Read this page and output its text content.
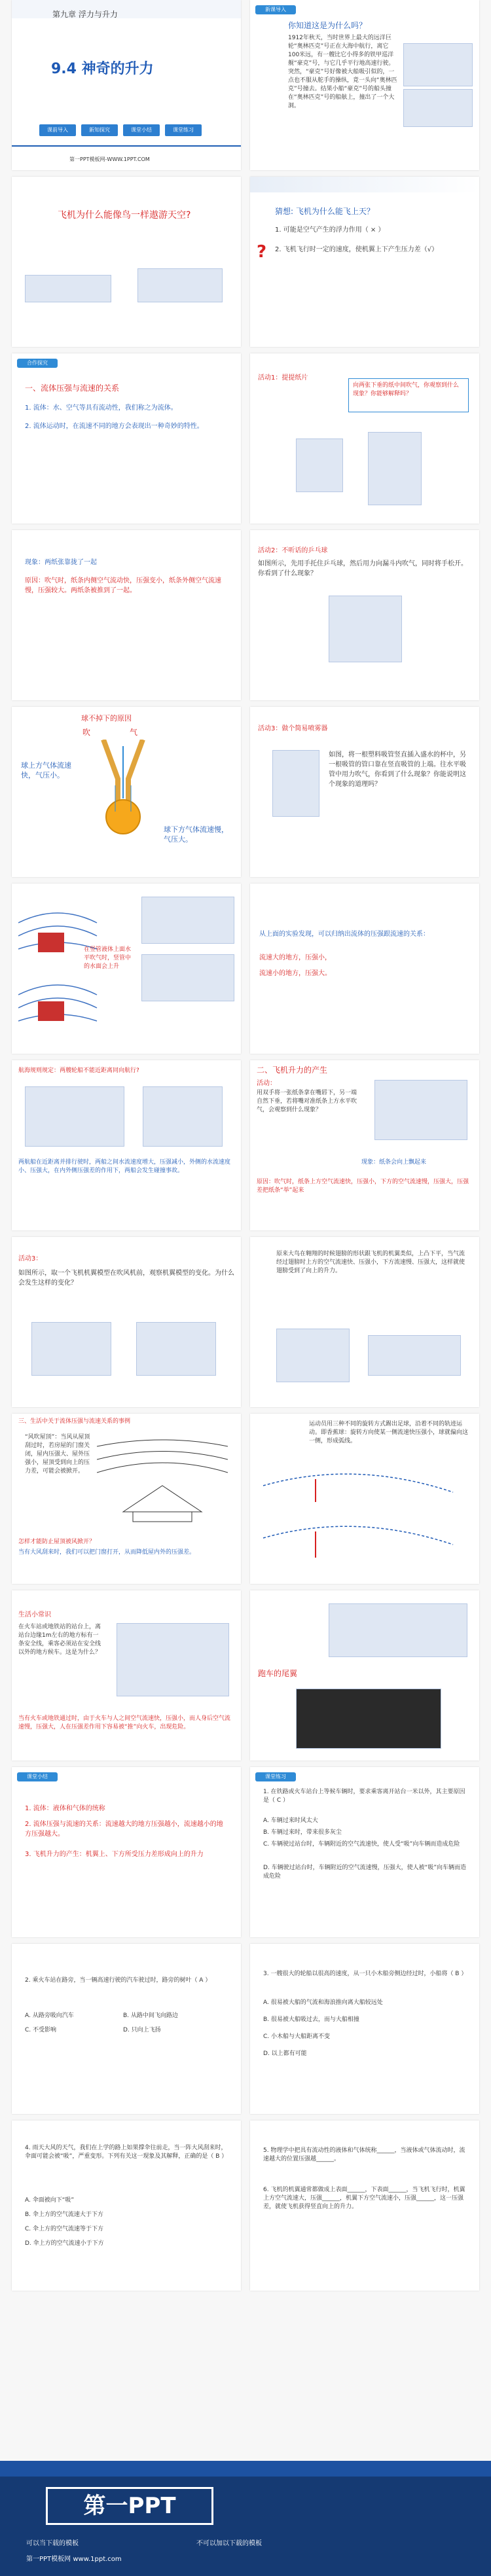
第九章 浮力与升力
9.4 神奇的升力
课前导入	新知探究	课堂小结	课堂练习
第一PPT模板网-WWW.1PPT.COM
新课导入
你知道这是为什么吗？
1912年秋天，当时世界上最大的远洋巨轮“奥林匹克”号正在大海中航行，离它100米远，有一艘比它小得多的铁甲巡洋舰“豪克”号，与它几乎平行地高速行驶。突然，“豪克”号好像被大船吸引似的，一点也不服从舵手的操纵，竟一头向“奥林匹克”号撞去。结果小船“豪克”号的船头撞在“奥林匹克”号的船舷上，撞出了一个大洞。
飞机为什么能像鸟一样遨游天空?	猜想: 飞机为什么能飞上天？
1. 可能是空气产生的浮力作用（ × ）
2. 飞机飞行时一定的速度，使机翼上下产生压力差（√）
?
合作探究
一、流体压强与流速的关系
1. 流体：水、空气等具有流动性，我们称之为流体。
2. 流体运动时，在流速不同的地方会表现出一种奇妙的特性。
活动1：提提纸片
向两张下垂的纸中间吹气，你观察到什么现象？你能够解释吗？
现象：两纸张靠拢了一起
原因：吹气时，纸条内侧空气流动快，压强变小，纸条外侧空气流速慢，压强较大。两纸条被推到了一起。
活动2：不听话的乒乓球
如图所示，先用手托住乒乓球，然后用力向漏斗内吹气，同时将手松开。你看到了什么现象？
球不掉下的原因
吹	气
球上方气体流速快，气压小。
球下方气体流速慢，气压大。
活动3：做个简易喷雾器
如图，将一根塑料吸管竖直插入盛水的杯中，另一根吸管的管口靠在竖直吸管的上端。往水平吸管中用力吹气，你看到了什么现象？你能说明这个现象的道理吗？
在竖管液体上面水平吹气时，竖管中的水面会上升
从上面的实验发现，可以归纳出流体的压强跟流速的关系：
流速大的地方，压强小，
流速小的地方，压强大。
航海规则规定：两艘轮船不能近距离同向航行?
两航船在近距离并排行驶时，两船之间水流速度增大，压强减小，外侧的水流速度小、压强大，在内外侧压强差的作用下，两船会发生碰撞事故。
二、飞机升力的产生
活动：
用双手将一张纸条拿在嘴唇下，另一端自然下垂，若将嘴对准纸条上方水平吹气，会观察到什么现象？
现象：纸条会向上飘起来
原因：吹气时，纸条上方空气流速快，压强小，下方的空气流速慢，压强大，压强差把纸条“举”起来
活动3：
如图所示，取一个飞机机翼模型在吹风机前，观察机翼模型的变化。为什么会发生这样的变化？
原来大鸟在翱翔的时候翅膀的形状跟飞机的机翼类似，上凸下平，当气流经过翅膀时上方的空气流速快、压强小，下方流速慢、压强大，这样就使翅膀受到了向上的升力。
三、生活中关于流体压强与流速关系的事例
“风吹屋顶”：当风从屋顶刮过时，若房屋的门窗关闭，屋内压强大、屋外压强小，屋顶受到向上的压力差，可能会被掀开。
怎样才能防止屋顶被风掀开？
当有大风刮来时，我们可以把门窗打开，从而降低屋内外的压强差。
运动员用三种不同的旋转方式踢出足球，沿着不同的轨迹运动。即香蕉球：旋转方向使某一侧流速快压强小，球就偏向这一侧，形成弧线。
生活小常识
在火车站或地铁站的站台上，离站台边缘1m左右的地方标有一条安全线，乘客必须站在安全线以外的地方候车。这是为什么？
当有火车或地铁通过时，由于火车与人之间空气流速快，压强小，而人身后空气流速慢，压强大，人在压强差作用下容易被“推”向火车，出现危险。
跑车的尾翼
课堂小结
1. 流体：液体和气体的统称
2. 流体压强与流速的关系：流速越大的地方压强越小，流速越小的地方压强越大。
3. 飞机升力的产生：机翼上、下方所受压力差形成向上的升力
课堂练习
1. 在铁路或火车站台上等候车辆时，要求乘客离开站台一米以外，其主要原因是（ C ）
A. 车辆过来时风太大
B. 车辆过来时，带来很多灰尘
C. 车辆驶过站台时，车辆附近的空气流速快，使人受“吸”向车辆而造成危险
D. 车辆驶过站台时，车辆附近的空气流速慢，压强大，使人被“吸”向车辆而造成危险
2. 乘火车站在路旁，当一辆高速行驶的汽车驶过时，路旁的树叶（ A ）
A. 从路旁吸向汽车	B. 从路中间飞向路边
C. 不受影响	D. 只向上飞扬
3. 一艘很大的轮船以很高的速度，从一只小木船旁侧边经过时，小船将（ B ）
A. 很易被大船的气流和海浪推向离大船较远处
B. 很易被大船吸过去，而与大船相撞
C. 小木船与大船距离不变
D. 以上都有可能
4. 雨天大风的天气，我们在上学的路上如果撑伞往前走，当一阵大风刮来时，伞面可能会被“吸”，严重变形。下列有关这一现象及其解释，正确的是（ B ）
A. 伞面被向下“吸”
B. 伞上方的空气流速大于下方
C. 伞上方的空气流速等于下方
D. 伞上方的空气流速小于下方
5. 物理学中把具有流动性的液体和气体统称______，当液体或气体流动时，流速越大的位置压强越______。
6. 飞机的机翼通常都做成上表面______，下表面______，当飞机飞行时，机翼上方空气流速大，压强______，机翼下方空气流速小，压强______，这一压强差，就使飞机获得竖直向上的升力。
第一PPT
可以当下载的模板	不可以加以下载的模板
第一PPT模板网 www.1ppt.com
